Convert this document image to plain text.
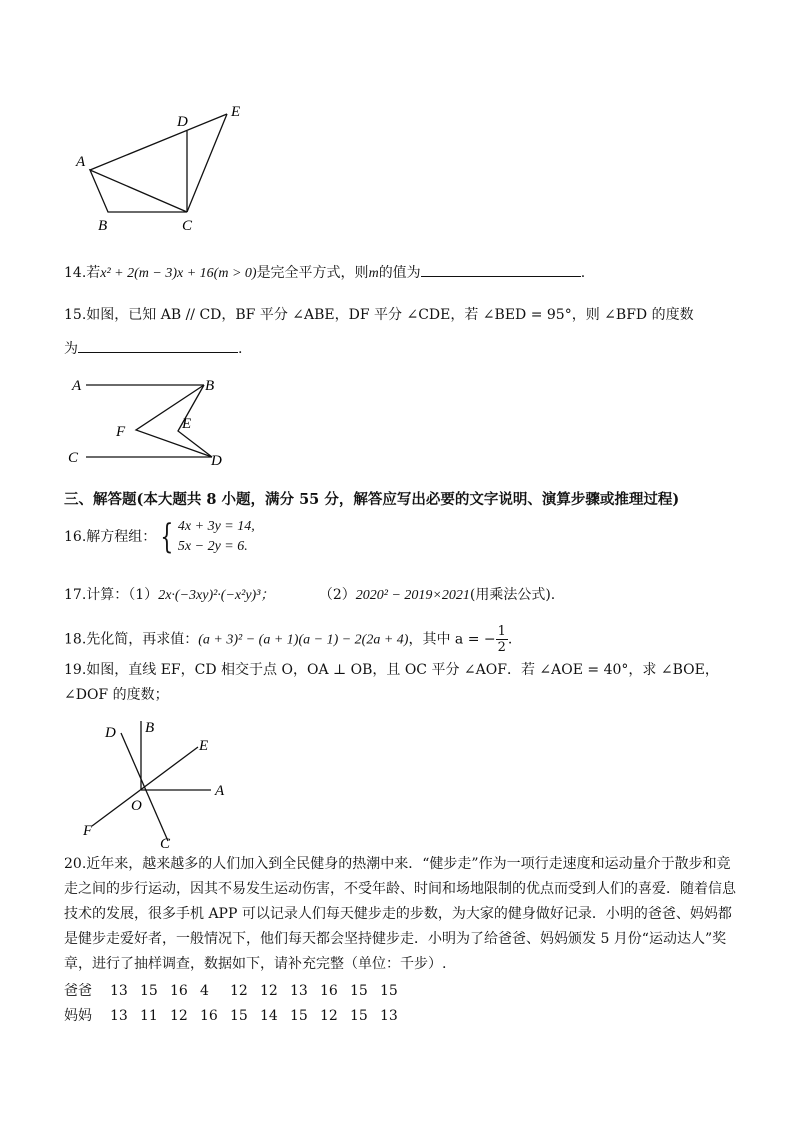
A
B	C
D
E
14.若x² + 2(m − 3)x + 16(m > 0)是完全平方式，则m的值为	.
15.如图，已知 AB // CD，BF 平分 ∠ABE，DF 平分 ∠CDE，若 ∠BED = 95°，则 ∠BFD 的度数
为	.
A	B
F	E
C	D
三、解答题(本大题共 8 小题，满分 55 分，解答应写出必要的文字说明、演算步骤或推理过程)
16.解方程组： { 4x + 3y = 14,
5x − 2y = 6.
17.计算：（1）2x·(−3xy)²·(−x²y)³；	（2）2020² − 2019×2021(用乘法公式).
18.先化简，再求值：(a + 3)² − (a + 1)(a − 1) − 2(2a + 4)，其中 a = − $\frac{1}{2}$ .
19.如图，直线 EF，CD 相交于点 O，OA ⊥ OB，且 OC 平分 ∠AOF．若 ∠AOE = 40°，求 ∠BOE，
∠DOF 的度数；
D B
E
A
O
F
C
20.近年来，越来越多的人们加入到全民健身的热潮中来．“健步走”作为一项行走速度和运动量介于散步和竞
走之间的步行运动，因其不易发生运动伤害，不受年龄、时间和场地限制的优点而受到人们的喜爱．随着信息
技术的发展，很多手机 APP 可以记录人们每天健步走的步数，为大家的健身做好记录．小明的爸爸、妈妈都
是健步走爱好者，一般情况下，他们每天都会坚持健步走．小明为了给爸爸、妈妈颁发 5 月份“运动达人”奖
章，进行了抽样调查，数据如下，请补充完整（单位：千步）.
爸爸 13 15 16 4 12 12 13 16 15 15
妈妈 13 11 12 16 15 14 15 12 15 13
